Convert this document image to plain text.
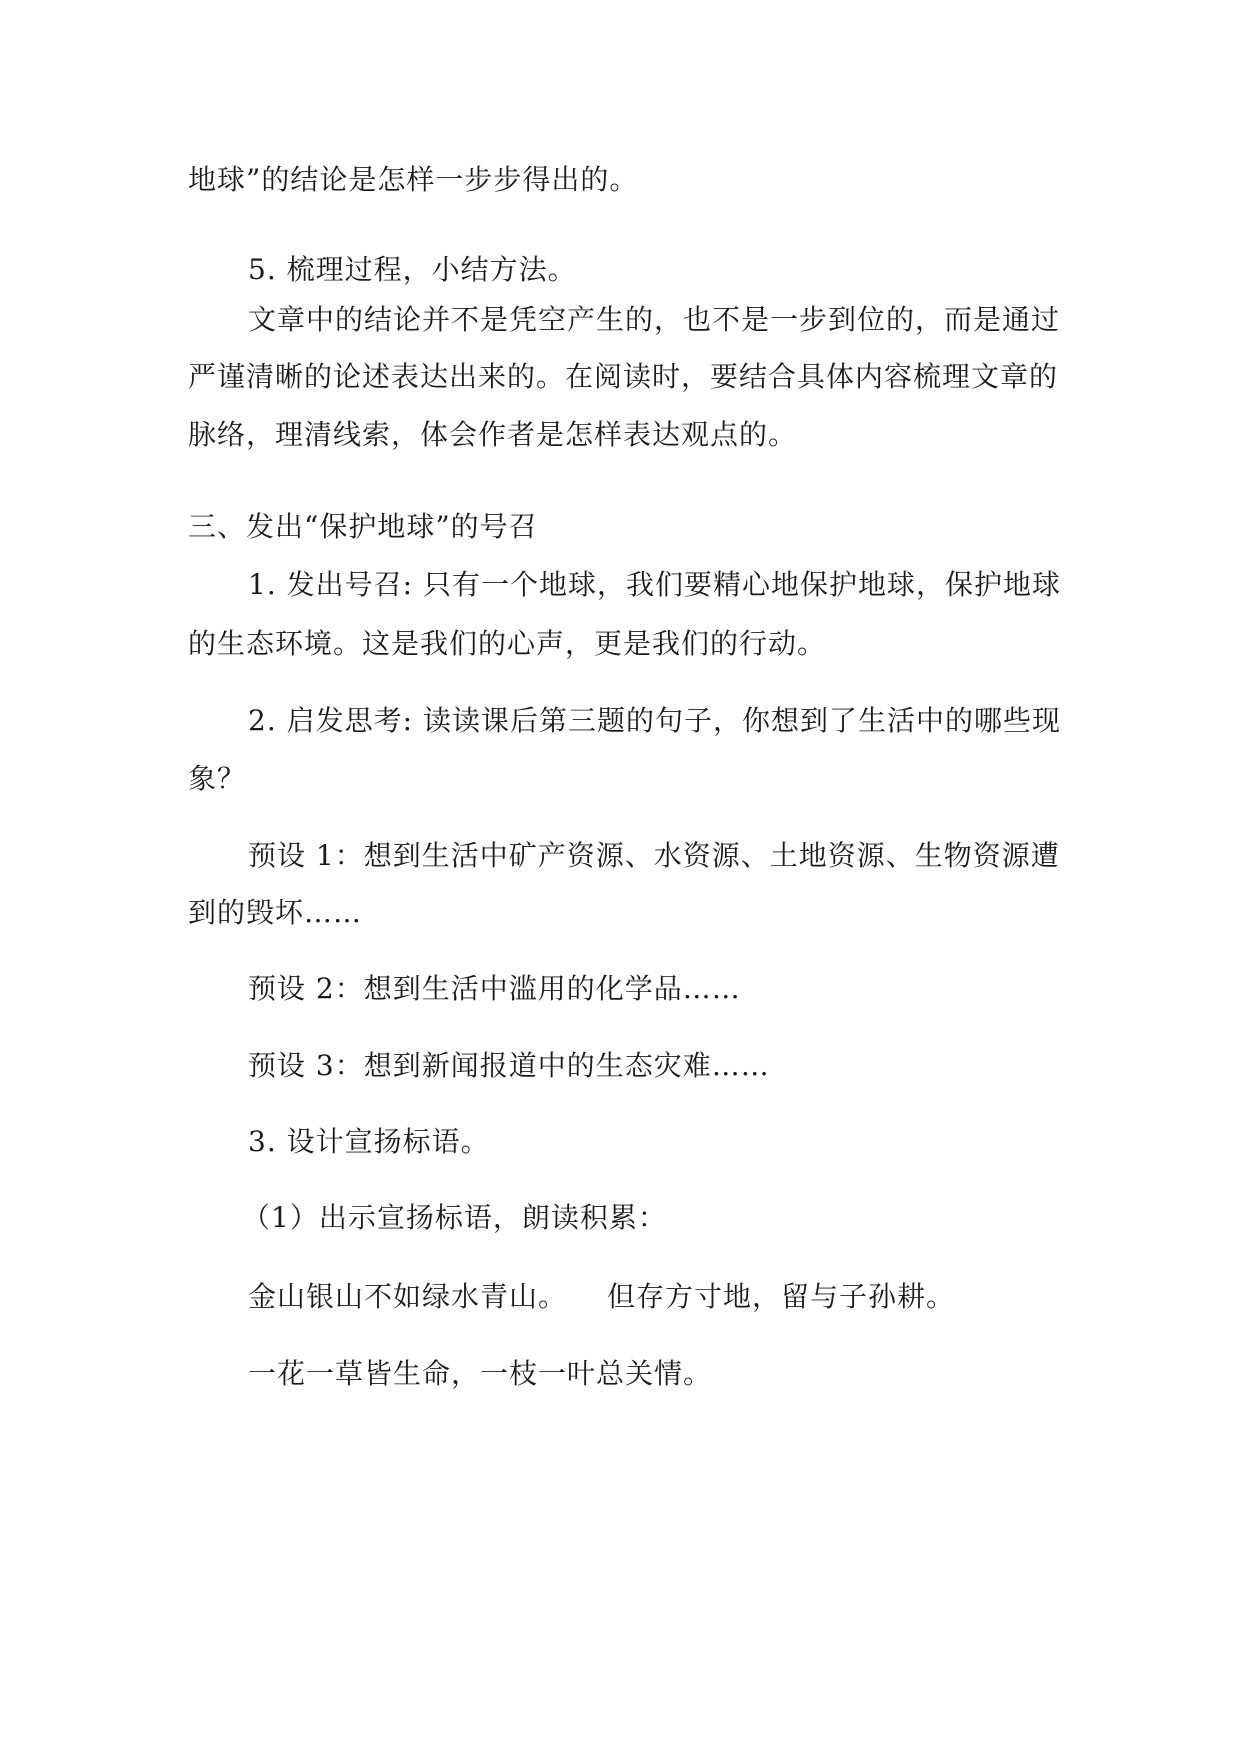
地球”的结论是怎样一步步得出的。
5. 梳理过程，小结方法。
文章中的结论并不是凭空产生的，也不是一步到位的，而是通过
严谨清晰的论述表达出来的。在阅读时，要结合具体内容梳理文章的
脉络，理清线索，体会作者是怎样表达观点的。
三、发出“保护地球”的号召
1. 发出号召: 只有一个地球，我们要精心地保护地球，保护地球
的生态环境。这是我们的心声，更是我们的行动。
2. 启发思考: 读读课后第三题的句子，你想到了生活中的哪些现
象？
预设 1：想到生活中矿产资源、水资源、土地资源、生物资源遭
到的毁坏……
预设 2：想到生活中滥用的化学品……
预设 3：想到新闻报道中的生态灾难……
3. 设计宣扬标语。
（1）出示宣扬标语，朗读积累：
金山银山不如绿水青山。 但存方寸地，留与子孙耕。
一花一草皆生命，一枝一叶总关情。
